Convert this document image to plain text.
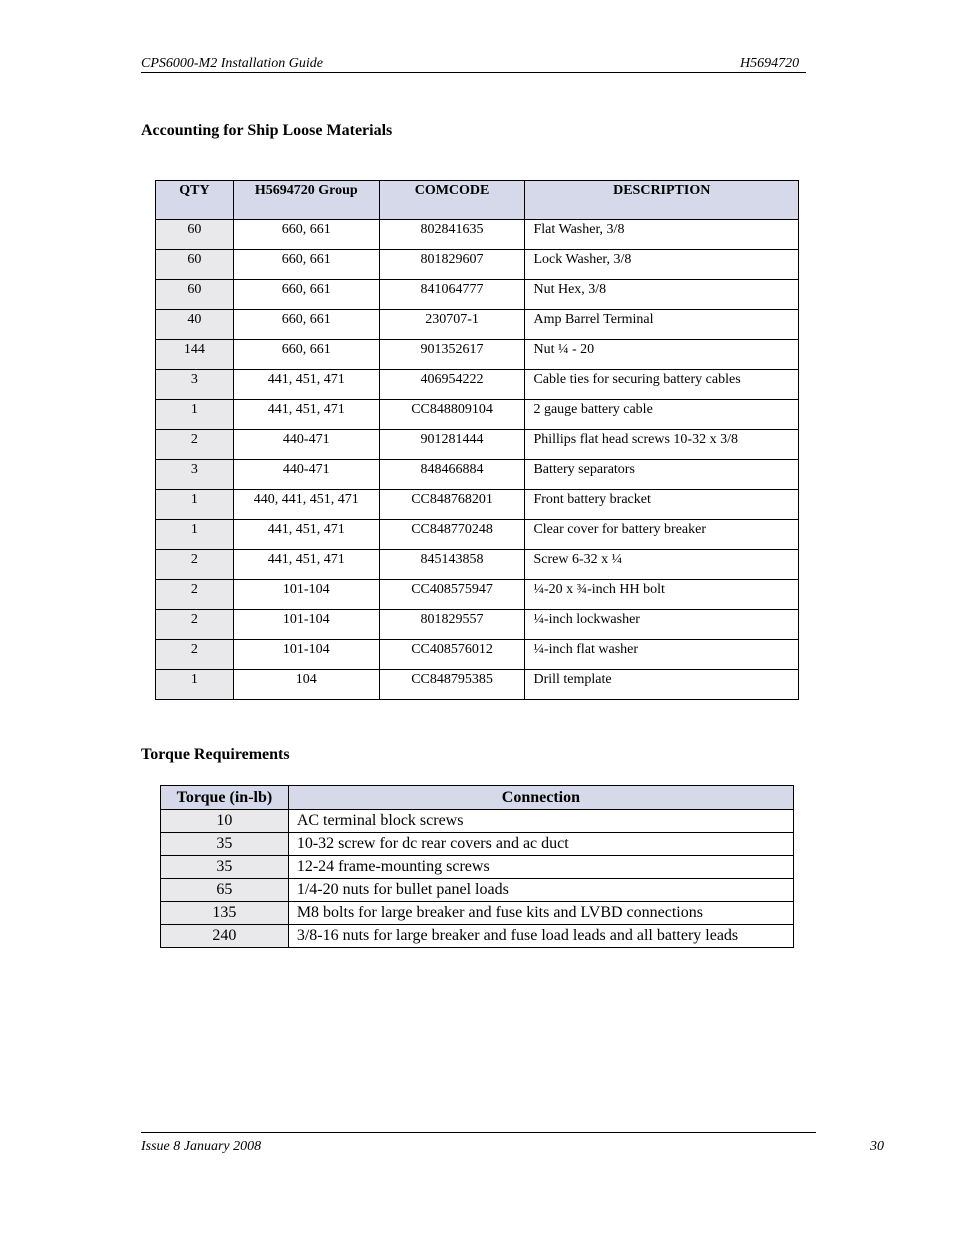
CPS6000-M2 Installation Guide	H5694720
Accounting for Ship Loose Materials
QTY	H5694720 Group	COMCODE	DESCRIPTION
60	660, 661	802841635	Flat Washer, 3/8
60	660, 661	801829607	Lock Washer, 3/8
60	660, 661	841064777	Nut Hex, 3/8
40	660, 661	230707-1	Amp Barrel Terminal
144	660, 661	901352617	Nut ¼ - 20
3	441, 451, 471	406954222	Cable ties for securing battery cables
1	441, 451, 471	CC848809104	2 gauge battery cable
2	440-471	901281444	Phillips flat head screws 10-32 x 3/8
3	440-471	848466884	Battery separators
1	440, 441, 451, 471	CC848768201	Front battery bracket
1	441, 451, 471	CC848770248	Clear cover for battery breaker
2	441, 451, 471	845143858	Screw 6-32 x ¼
2	101-104	CC408575947	¼-20 x ¾-inch HH bolt
2	101-104	801829557	¼-inch lockwasher
2	101-104	CC408576012	¼-inch flat washer
1	104	CC848795385	Drill template
Torque Requirements
Torque (in-lb)	Connection
10	AC terminal block screws
35	10-32 screw for dc rear covers and ac duct
35	12-24 frame-mounting screws
65	1/4-20 nuts for bullet panel loads
135	M8 bolts for large breaker and fuse kits and LVBD connections
240	3/8-16 nuts for large breaker and fuse load leads and all battery leads
Issue 8 January 2008	30
